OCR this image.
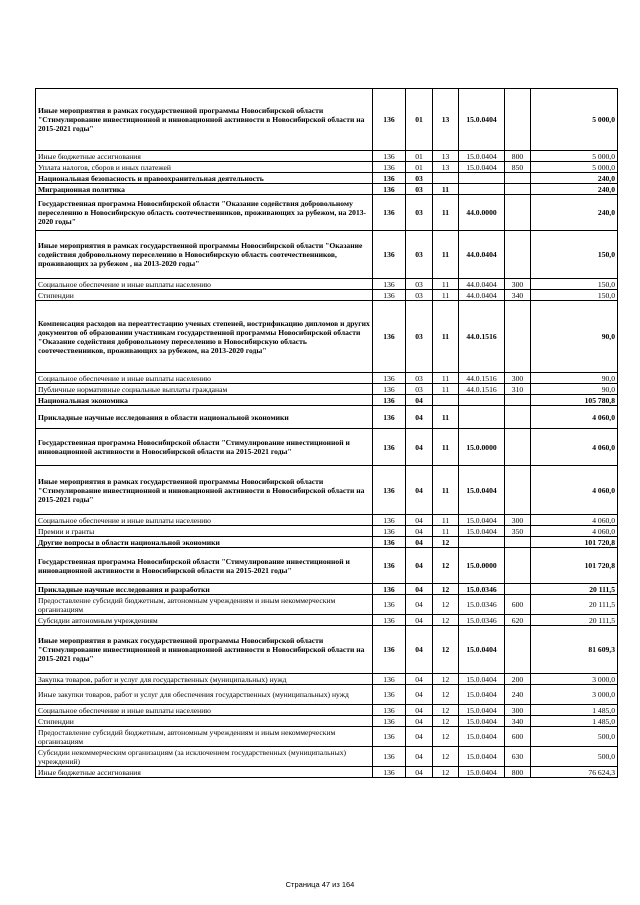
Иные мероприятия в рамках государственной программы Новосибирской области "Стимулирование инвестиционной и инновационной активности в Новосибирской области на 2015-2021 годы"	136	01	13	15.0.0404		5 000,0
Иные бюджетные ассигнования	136	01	13	15.0.0404	800	5 000,0
Уплата налогов, сборов и иных платежей	136	01	13	15.0.0404	850	5 000,0
Национальная безопасность и правоохранительная деятельность	136	03				240,0
Миграционная политика	136	03	11			240,0
Государственная программа Новосибирской области "Оказание содействия добровольному переселению в Новосибирскую область соотечественников, проживающих за рубежом, на 2013-2020 годы"	136	03	11	44.0.0000		240,0
Иные мероприятия в рамках государственной программы Новосибирской области "Оказание содействия добровольному переселению в Новосибирскую область соотечественников, проживающих за рубежом , на 2013-2020 годы"	136	03	11	44.0.0404		150,0
Социальное обеспечение и иные выплаты населению	136	03	11	44.0.0404	300	150,0
Стипендии	136	03	11	44.0.0404	340	150,0
Компенсация расходов на переаттестацию ученых степеней, нострификацию дипломов и других документов об образовании участникам государственной программы Новосибирской области "Оказание содействия добровольному переселению в Новосибирскую область соотечественников, проживающих за рубежом, на 2013-2020 годы"	136	03	11	44.0.1516		90,0
Социальное обеспечение и иные выплаты населению	136	03	11	44.0.1516	300	90,0
Публичные нормативные социальные выплаты гражданам	136	03	11	44.0.1516	310	90,0
Национальная экономика	136	04				105 780,8
Прикладные научные исследования в области национальной экономики	136	04	11			4 060,0
Государственная программа Новосибирской области "Стимулирование инвестиционной и инновационной активности в Новосибирской области на 2015-2021 годы"	136	04	11	15.0.0000		4 060,0
Иные мероприятия в рамках государственной программы Новосибирской области "Стимулирование инвестиционной и инновационной активности в Новосибирской области на 2015-2021 годы"	136	04	11	15.0.0404		4 060,0
Социальное обеспечение и иные выплаты населению	136	04	11	15.0.0404	300	4 060,0
Премии и гранты	136	04	11	15.0.0404	350	4 060,0
Другие вопросы в области национальной экономики	136	04	12			101 720,8
Государственная программа Новосибирской области "Стимулирование инвестиционной и инновационной активности в Новосибирской области на 2015-2021 годы"	136	04	12	15.0.0000		101 720,8
Прикладные научные исследования и разработки	136	04	12	15.0.0346		20 111,5
Предоставление субсидий бюджетным, автономным учреждениям и иным некоммерческим организациям	136	04	12	15.0.0346	600	20 111,5
Субсидии автономным учреждениям	136	04	12	15.0.0346	620	20 111,5
Иные мероприятия в рамках государственной программы Новосибирской области "Стимулирование инвестиционной и инновационной активности в Новосибирской области на 2015-2021 годы"	136	04	12	15.0.0404		81 609,3
Закупка товаров, работ и услуг для государственных (муниципальных) нужд	136	04	12	15.0.0404	200	3 000,0
Иные закупки товаров, работ и услуг для обеспечения государственных (муниципальных) нужд	136	04	12	15.0.0404	240	3 000,0
Социальное обеспечение и иные выплаты населению	136	04	12	15.0.0404	300	1 485,0
Стипендии	136	04	12	15.0.0404	340	1 485,0
Предоставление субсидий бюджетным, автономным учреждениям и иным некоммерческим организациям	136	04	12	15.0.0404	600	500,0
Субсидии некоммерческим организациям (за исключением государственных (муниципальных) учреждений)	136	04	12	15.0.0404	630	500,0
Иные бюджетные ассигнования	136	04	12	15.0.0404	800	76 624,3
Страница 47 из 164
